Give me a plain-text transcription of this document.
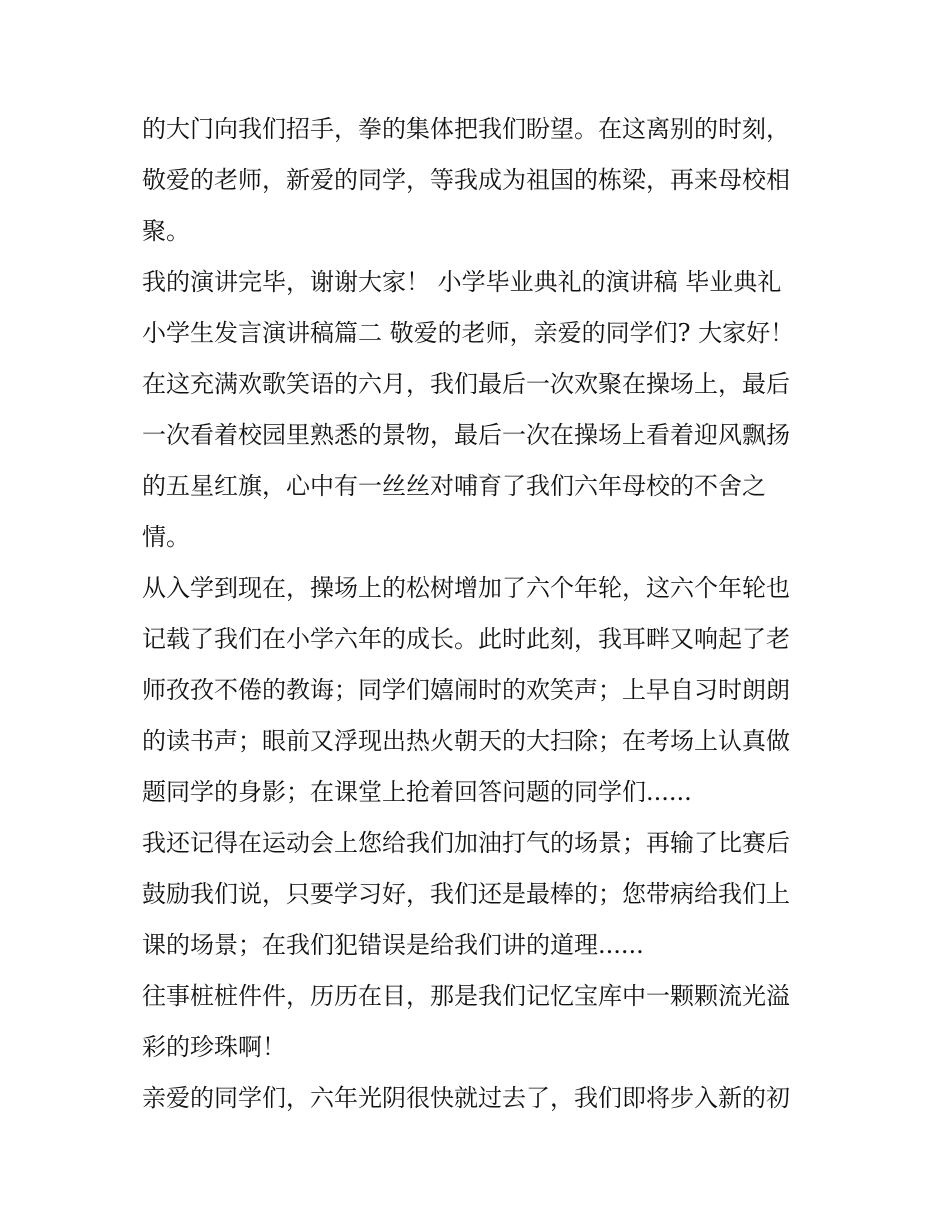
的大门向我们招手，拳的集体把我们盼望。在这离别的时刻，
敬爱的老师，新爱的同学，等我成为祖国的栋梁，再来母校相
聚。
我的演讲完毕，谢谢大家！ 小学毕业典礼的演讲稿 毕业典礼
小学生发言演讲稿篇二 敬爱的老师，亲爱的同学们? 大家好！
在这充满欢歌笑语的六月，我们最后一次欢聚在操场上，最后
一次看着校园里熟悉的景物，最后一次在操场上看着迎风飘扬
的五星红旗，心中有一丝丝对哺育了我们六年母校的不舍之
情。
从入学到现在，操场上的松树增加了六个年轮，这六个年轮也
记载了我们在小学六年的成长。此时此刻，我耳畔又响起了老
师孜孜不倦的教诲；同学们嬉闹时的欢笑声；上早自习时朗朗
的读书声；眼前又浮现出热火朝天的大扫除；在考场上认真做
题同学的身影；在课堂上抢着回答问题的同学们......
我还记得在运动会上您给我们加油打气的场景；再输了比赛后
鼓励我们说，只要学习好，我们还是最棒的；您带病给我们上
课的场景；在我们犯错误是给我们讲的道理......
往事桩桩件件，历历在目，那是我们记忆宝库中一颗颗流光溢
彩的珍珠啊！
亲爱的同学们，六年光阴很快就过去了，我们即将步入新的初
